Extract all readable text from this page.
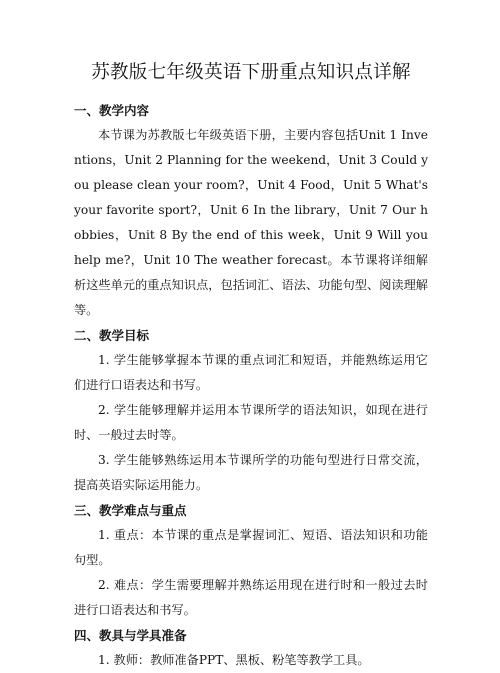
苏教版七年级英语下册重点知识点详解

一、教学内容

本节课为苏教版七年级英语下册，主要内容包括Unit 1 Inventions，Unit 2 Planning for the weekend，Unit 3 Could you please clean your room?，Unit 4 Food，Unit 5 What's your favorite sport?，Unit 6 In the library，Unit 7 Our hobbies，Unit 8 By the end of this week，Unit 9 Will you help me?，Unit 10 The weather forecast。本节课将详细解析这些单元的重点知识点，包括词汇、语法、功能句型、阅读理解等。

二、教学目标

1. 学生能够掌握本节课的重点词汇和短语，并能熟练运用它们进行口语表达和书写。

2. 学生能够理解并运用本节课所学的语法知识，如现在进行时、一般过去时等。

3. 学生能够熟练运用本节课所学的功能句型进行日常交流，提高英语实际运用能力。

三、教学难点与重点

1. 重点：本节课的重点是掌握词汇、短语、语法知识和功能句型。

2. 难点：学生需要理解并熟练运用现在进行时和一般过去时进行口语表达和书写。

四、教具与学具准备

1. 教师：教师准备PPT、黑板、粉笔等教学工具。
